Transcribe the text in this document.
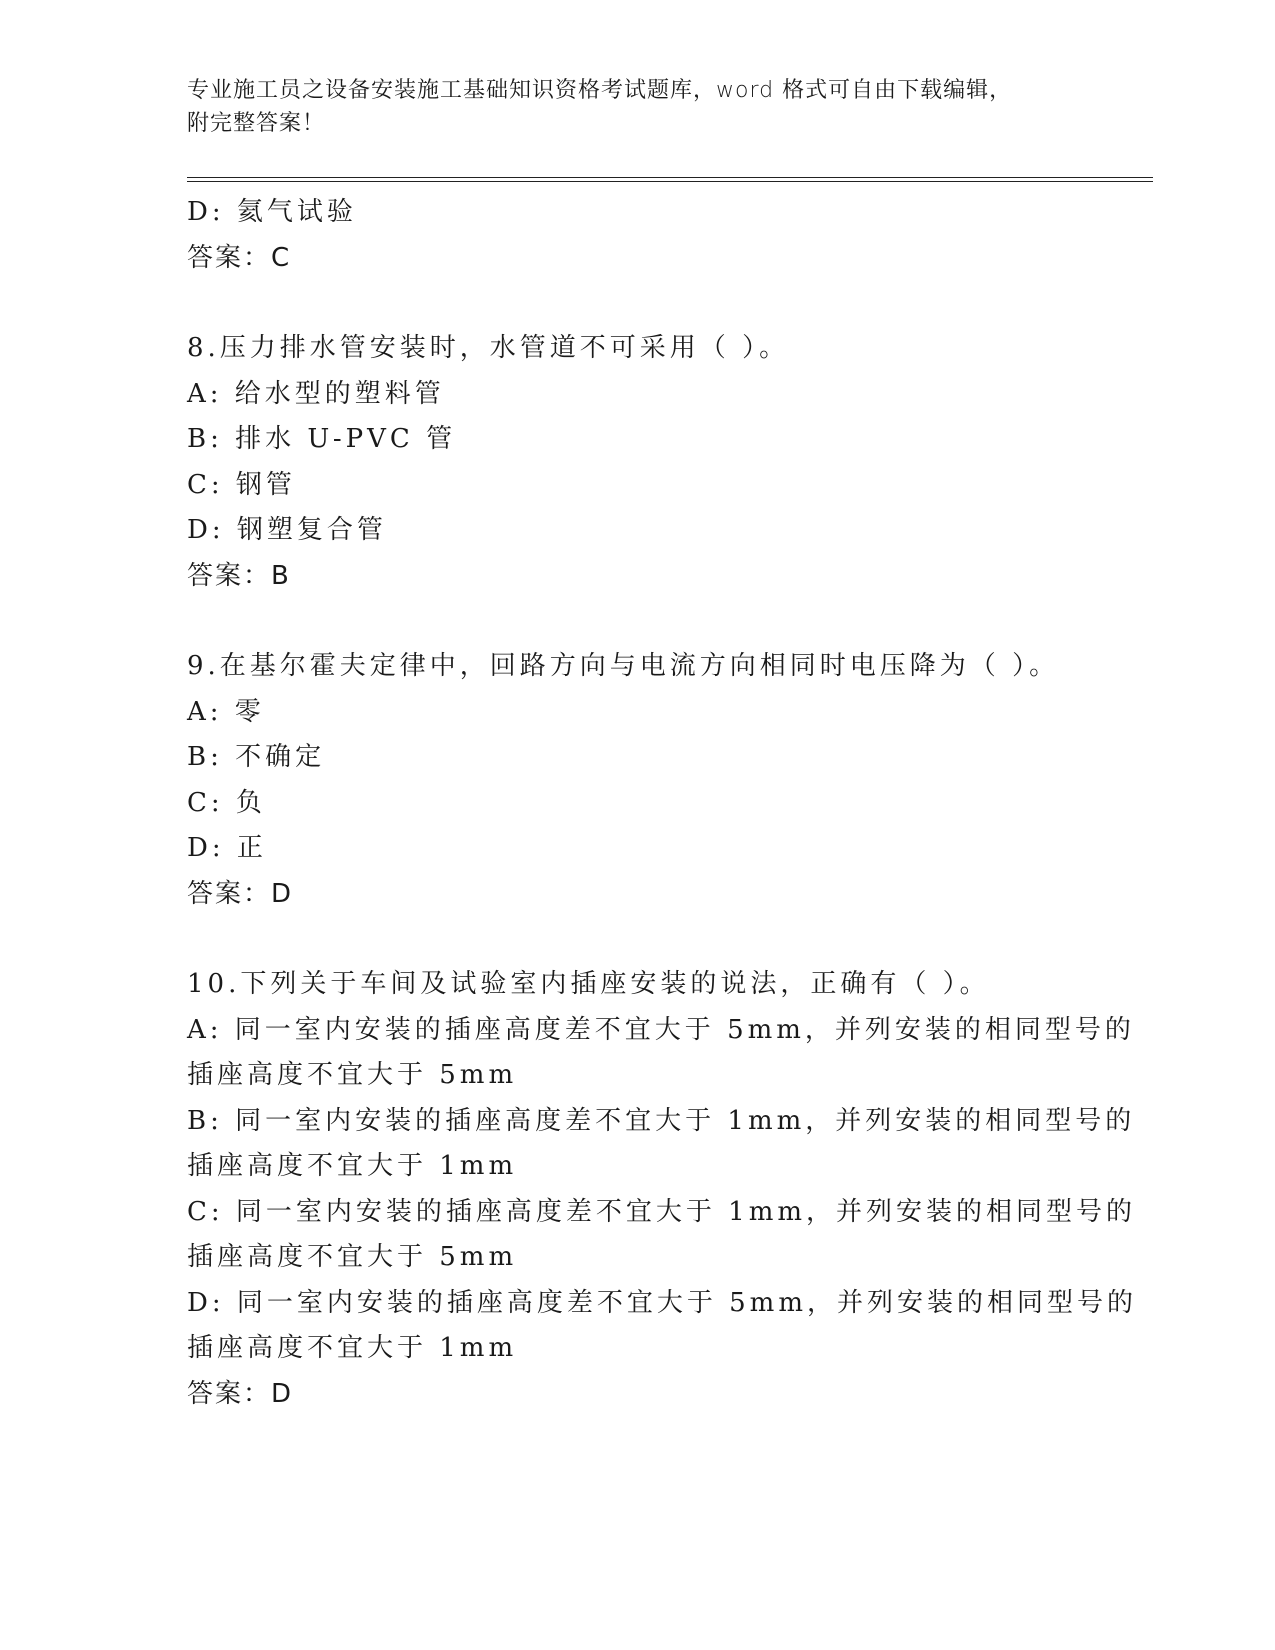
专业施工员之设备安装施工基础知识资格考试题库，word 格式可自由下载编辑，
附完整答案！
D: 氦气试验
答案：C
8.压力排水管安装时，水管道不可采用（ ）。
A: 给水型的塑料管
B: 排水 U-PVC 管
C: 钢管
D: 钢塑复合管
答案：B
9.在基尔霍夫定律中，回路方向与电流方向相同时电压降为（ ）。
A: 零
B: 不确定
C: 负
D: 正
答案：D
10.下列关于车间及试验室内插座安装的说法，正确有（ ）。
A: 同一室内安装的插座高度差不宜大于 5mm，并列安装的相同型号的
插座高度不宜大于 5mm
B: 同一室内安装的插座高度差不宜大于 1mm，并列安装的相同型号的
插座高度不宜大于 1mm
C: 同一室内安装的插座高度差不宜大于 1mm，并列安装的相同型号的
插座高度不宜大于 5mm
D: 同一室内安装的插座高度差不宜大于 5mm，并列安装的相同型号的
插座高度不宜大于 1mm
答案：D
